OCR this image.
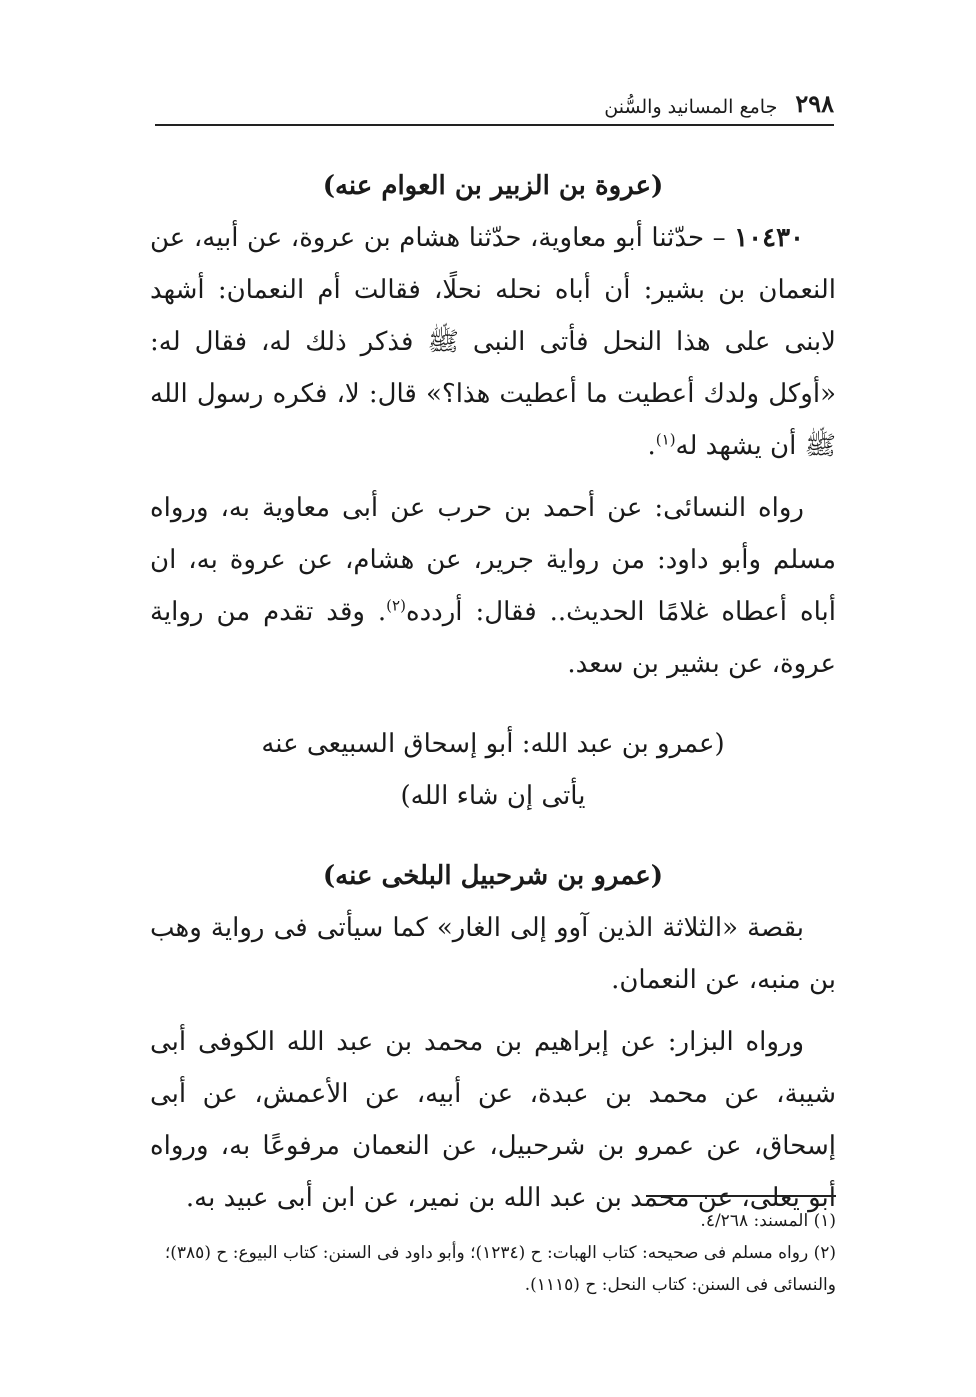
٢٩٨
جامع المسانيد والسُّنن

(عروة بن الزبير بن العوام عنه)

١٠٤٣٠ – حدّثنا أبو معاوية، حدّثنا هشام بن عروة، عن أبيه، عن النعمان بن بشير: أن أباه نحله نحلًا، فقالت أم النعمان: أشهد لابنى على هذا النحل فأتى النبى ﷺ فذكر ذلك له، فقال له: «أوكل ولدك أعطيت ما أعطيت هذا؟» قال: لا، فكره رسول الله ﷺ أن يشهد له$^{(١)}$.

رواه النسائى: عن أحمد بن حرب عن أبى معاوية به، ورواه مسلم وأبو داود: من رواية جرير، عن هشام، عن عروة به، ان أباه أعطاه غلامًا الحديث.. فقال: أردده$^{(٢)}$. وقد تقدم من رواية عروة، عن بشير بن سعد.

(عمرو بن عبد الله: أبو إسحاق السبيعى عنه

يأتى إن شاء الله)

(عمرو بن شرحبيل البلخى عنه)

بقصة «الثلاثة الذين آوو إلى الغار» كما سيأتى فى رواية وهب بن منبه، عن النعمان.

ورواه البزار: عن إبراهيم بن محمد بن عبد الله الكوفى أبى شيبة، عن محمد بن عبدة، عن أبيه، عن الأعمش، عن أبى إسحاق، عن عمرو بن شرحبيل، عن النعمان مرفوعًا به، ورواه أبو يعلى، عن محمد بن عبد الله بن نمير، عن ابن أبى عبيد به.

(١) المسند: ٤/٢٦٨.

(٢) رواه مسلم فى صحيحه: كتاب الهبات: ح (١٢٣٤)؛ وأبو داود فى السنن: كتاب البيوع: ح (٣٨٥)؛ والنسائى فى السنن: كتاب النحل: ح (١١١٥).
